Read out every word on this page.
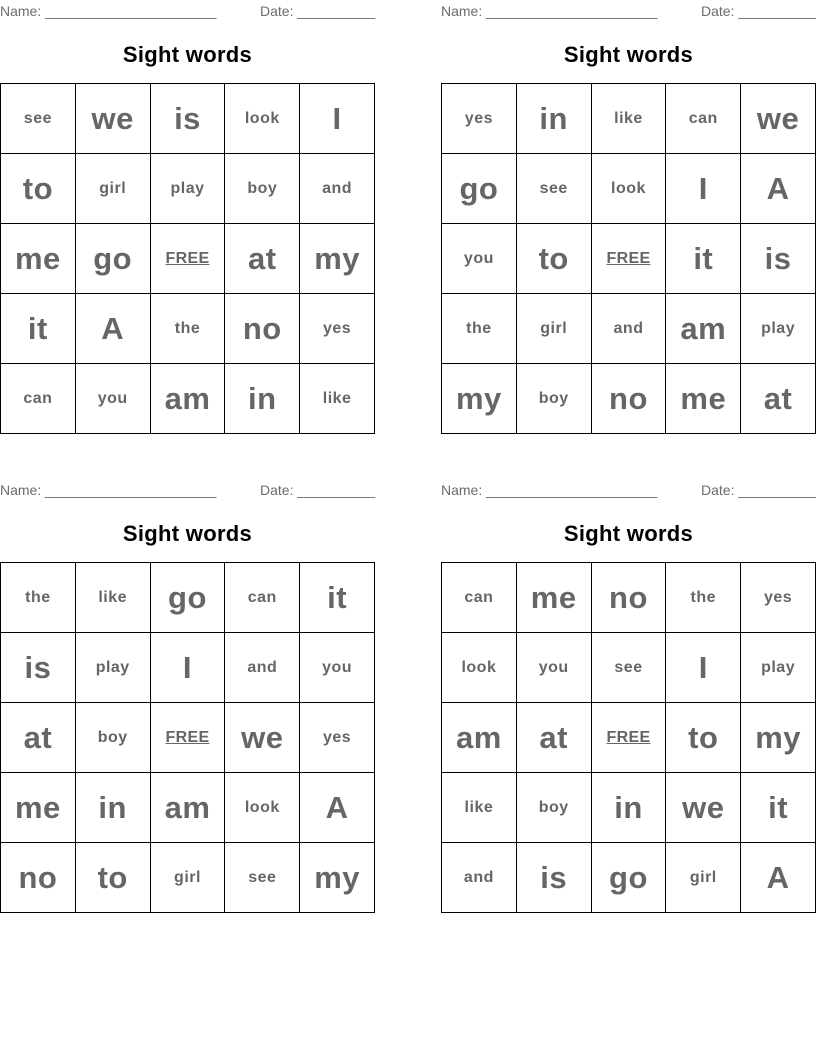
Name: ______________________	Date: __________
Sight words
see	we	is	look	I
to	girl	play	boy	and
me	go	FREE	at	my
it	A	the	no	yes
can	you	am	in	like
Name: ______________________	Date: __________
Sight words
yes	in	like	can	we
go	see	look	I	A
you	to	FREE	it	is
the	girl	and	am	play
my	boy	no	me	at
Name: ______________________	Date: __________
Sight words
the	like	go	can	it
is	play	I	and	you
at	boy	FREE	we	yes
me	in	am	look	A
no	to	girl	see	my
Name: ______________________	Date: __________
Sight words
can	me	no	the	yes
look	you	see	I	play
am	at	FREE	to	my
like	boy	in	we	it
and	is	go	girl	A
